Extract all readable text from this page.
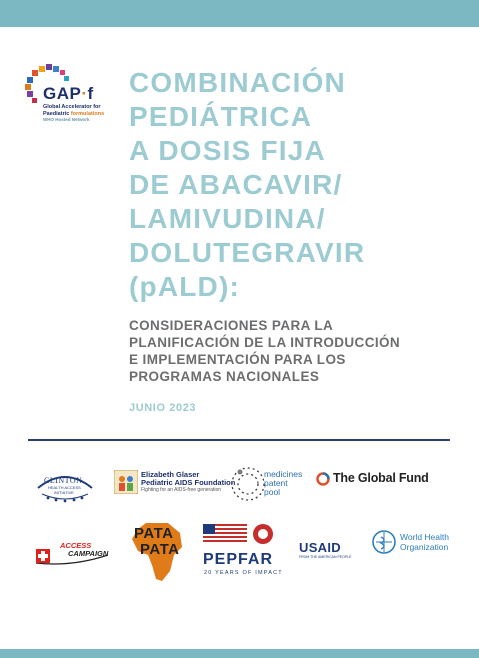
GAP·f
Global Accelerator for
Paediatric formulations
WHO Hosted Network
COMBINACIÓN
PEDIÁTRICA
A DOSIS FIJA
DE ABACAVIR/
LAMIVUDINA/
DOLUTEGRAVIR
(pALD):
CONSIDERACIONES PARA LA
PLANIFICACIÓN DE LA INTRODUCCIÓN
E IMPLEMENTACIÓN PARA LOS
PROGRAMAS NACIONALES
JUNIO 2023
CLINTON
HEALTH ACCESS
INITIATIVE
Elizabeth Glaser
Pediatric AIDS Foundation
Fighting for an AIDS-free generation
medicines
patent
pool
The Global Fund
ACCESS
CAMPAIGN
PATA
PATA
PEPFAR
20 YEARS OF IMPACT
USAID
FROM THE AMERICAN PEOPLE
World Health
Organization
